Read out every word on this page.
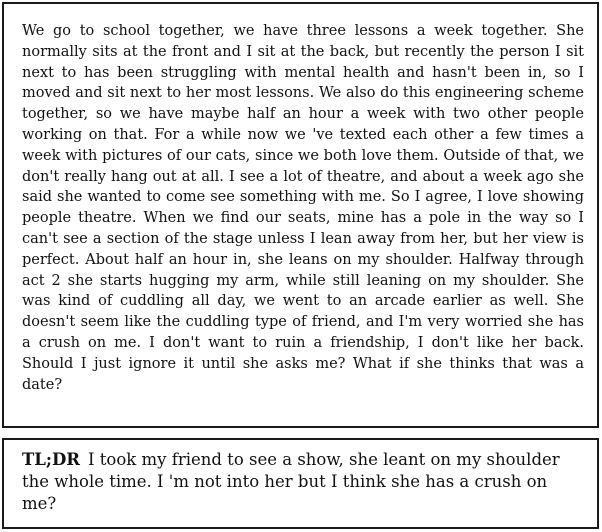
We go to school together, we have three lessons a week together. She normally sits at the front and I sit at the back, but recently the person I sit next to has been struggling with mental health and hasn't been in, so I moved and sit next to her most lessons. We also do this engineering scheme together, so we have maybe half an hour a week with two other people working on that. For a while now we 've texted each other a few times a week with pictures of our cats, since we both love them. Outside of that, we don't really hang out at all. I see a lot of theatre, and about a week ago she said she wanted to come see something with me. So I agree, I love showing people theatre. When we find our seats, mine has a pole in the way so I can't see a section of the stage unless I lean away from her, but her view is perfect. About half an hour in, she leans on my shoulder. Halfway through act 2 she starts hugging my arm, while still leaning on my shoulder. She was kind of cuddling all day, we went to an arcade earlier as well. She doesn't seem like the cuddling type of friend, and I'm very worried she has a crush on me. I don't want to ruin a friendship, I don't like her back. Should I just ignore it until she asks me? What if she thinks that was a date?

TL;DR I took my friend to see a show, she leant on my shoulder the whole time. I 'm not into her but I think she has a crush on me?
